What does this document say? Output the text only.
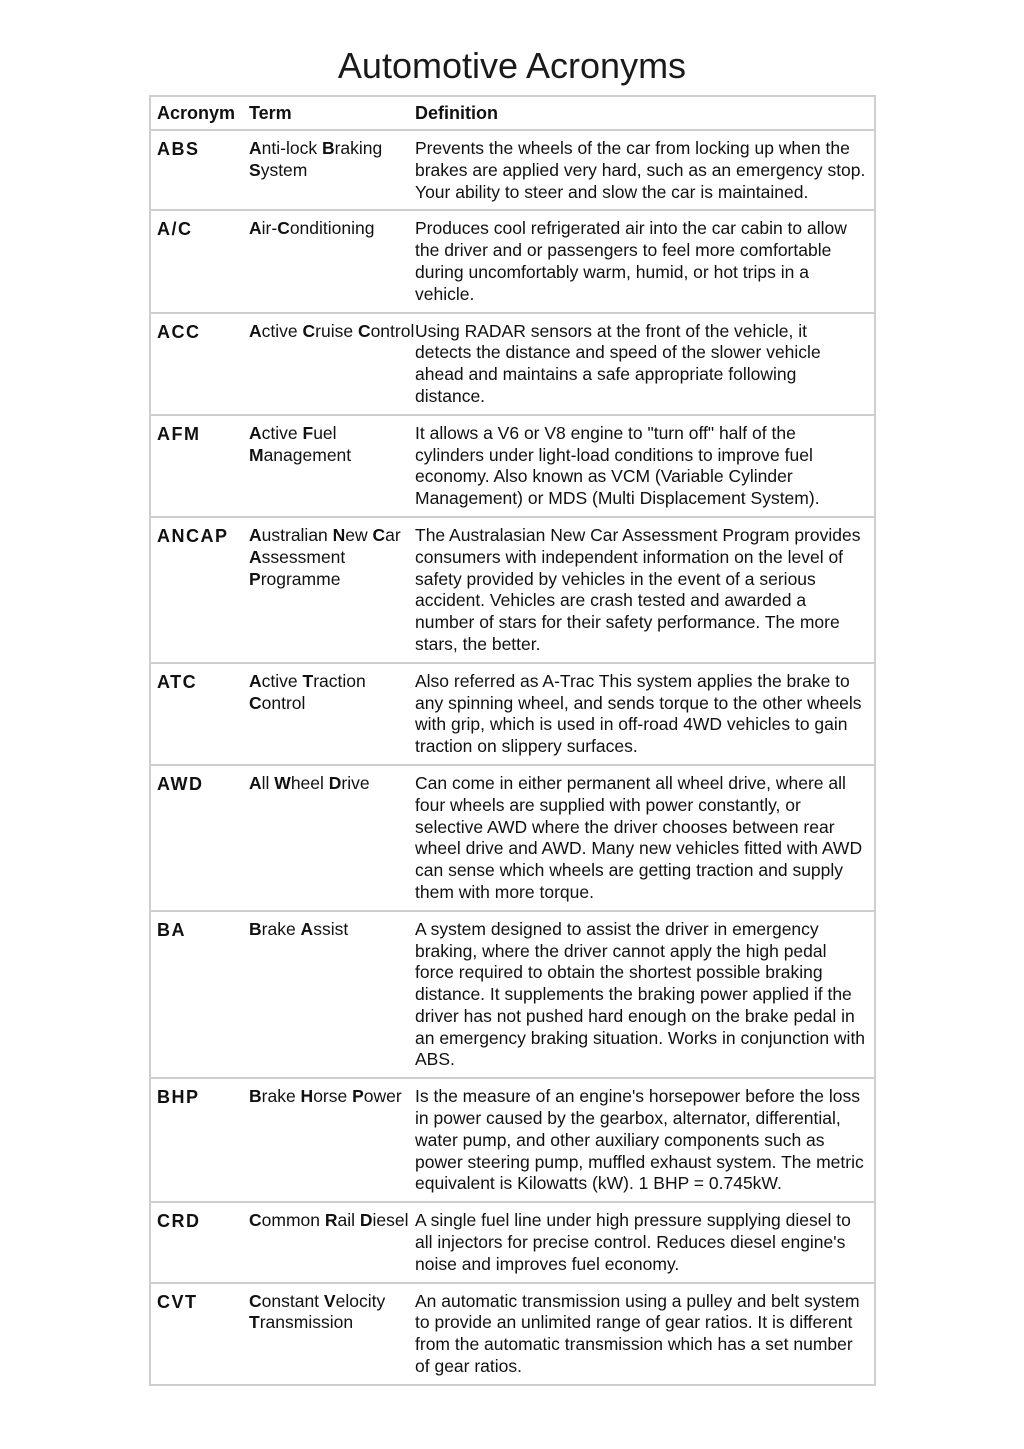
Automotive Acronyms
Acronym	Term	Definition
ABS	Anti-lock Braking System	Prevents the wheels of the car from locking up when the brakes are applied very hard, such as an emergency stop. Your ability to steer and slow the car is maintained.
A/C	Air-Conditioning	Produces cool refrigerated air into the car cabin to allow the driver and or passengers to feel more comfortable during uncomfortably warm, humid, or hot trips in a vehicle.
ACC	Active Cruise Control	Using RADAR sensors at the front of the vehicle, it detects the distance and speed of the slower vehicle ahead and maintains a safe appropriate following distance.
AFM	Active Fuel Management	It allows a V6 or V8 engine to "turn off" half of the cylinders under light-load conditions to improve fuel economy. Also known as VCM (Variable Cylinder Management) or MDS (Multi Displacement System).
ANCAP	Australian New Car Assessment Programme	The Australasian New Car Assessment Program provides consumers with independent information on the level of safety provided by vehicles in the event of a serious accident. Vehicles are crash tested and awarded a number of stars for their safety performance. The more stars, the better.
ATC	Active Traction Control	Also referred as A-Trac This system applies the brake to any spinning wheel, and sends torque to the other wheels with grip, which is used in off-road 4WD vehicles to gain traction on slippery surfaces.
AWD	All Wheel Drive	Can come in either permanent all wheel drive, where all four wheels are supplied with power constantly, or selective AWD where the driver chooses between rear wheel drive and AWD. Many new vehicles fitted with AWD can sense which wheels are getting traction and supply them with more torque.
BA	Brake Assist	A system designed to assist the driver in emergency braking, where the driver cannot apply the high pedal force required to obtain the shortest possible braking distance. It supplements the braking power applied if the driver has not pushed hard enough on the brake pedal in an emergency braking situation. Works in conjunction with ABS.
BHP	Brake Horse Power	Is the measure of an engine's horsepower before the loss in power caused by the gearbox, alternator, differential, water pump, and other auxiliary components such as power steering pump, muffled exhaust system. The metric equivalent is Kilowatts (kW). 1 BHP = 0.745kW.
CRD	Common Rail Diesel	A single fuel line under high pressure supplying diesel to all injectors for precise control. Reduces diesel engine's noise and improves fuel economy.
CVT	Constant Velocity Transmission	An automatic transmission using a pulley and belt system to provide an unlimited range of gear ratios. It is different from the automatic transmission which has a set number of gear ratios.
